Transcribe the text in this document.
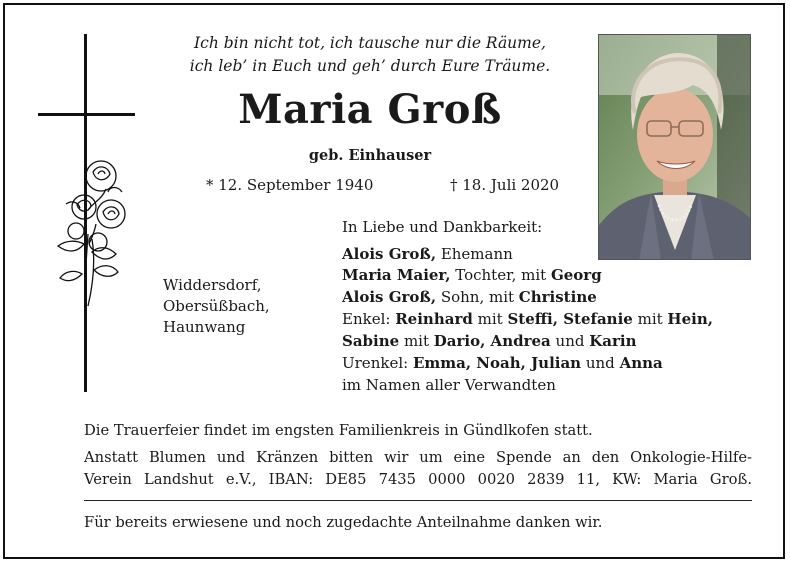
Ich bin nicht tot, ich tausche nur die Räume,
ich leb’ in Euch und geh’ durch Eure Träume.
Maria Groß
geb. Einhauser
* 12. September 1940	† 18. Juli 2020
Widdersdorf,
Obersüßbach,
Haunwang
In Liebe und Dankbarkeit:
Alois Groß, Ehemann
Maria Maier, Tochter, mit Georg
Alois Groß, Sohn, mit Christine
Enkel: Reinhard mit Steffi, Stefanie mit Hein,
Sabine mit Dario, Andrea und Karin
Urenkel: Emma, Noah, Julian und Anna
im Namen aller Verwandten
Die Trauerfeier findet im engsten Familienkreis in Gündlkofen statt.
Anstatt Blumen und Kränzen bitten wir um eine Spende an den Onkologie-Hilfe-
Verein Landshut e.V., IBAN: DE85 7435 0000 0020 2839 11, KW: Maria Groß.
Für bereits erwiesene und noch zugedachte Anteilnahme danken wir.
